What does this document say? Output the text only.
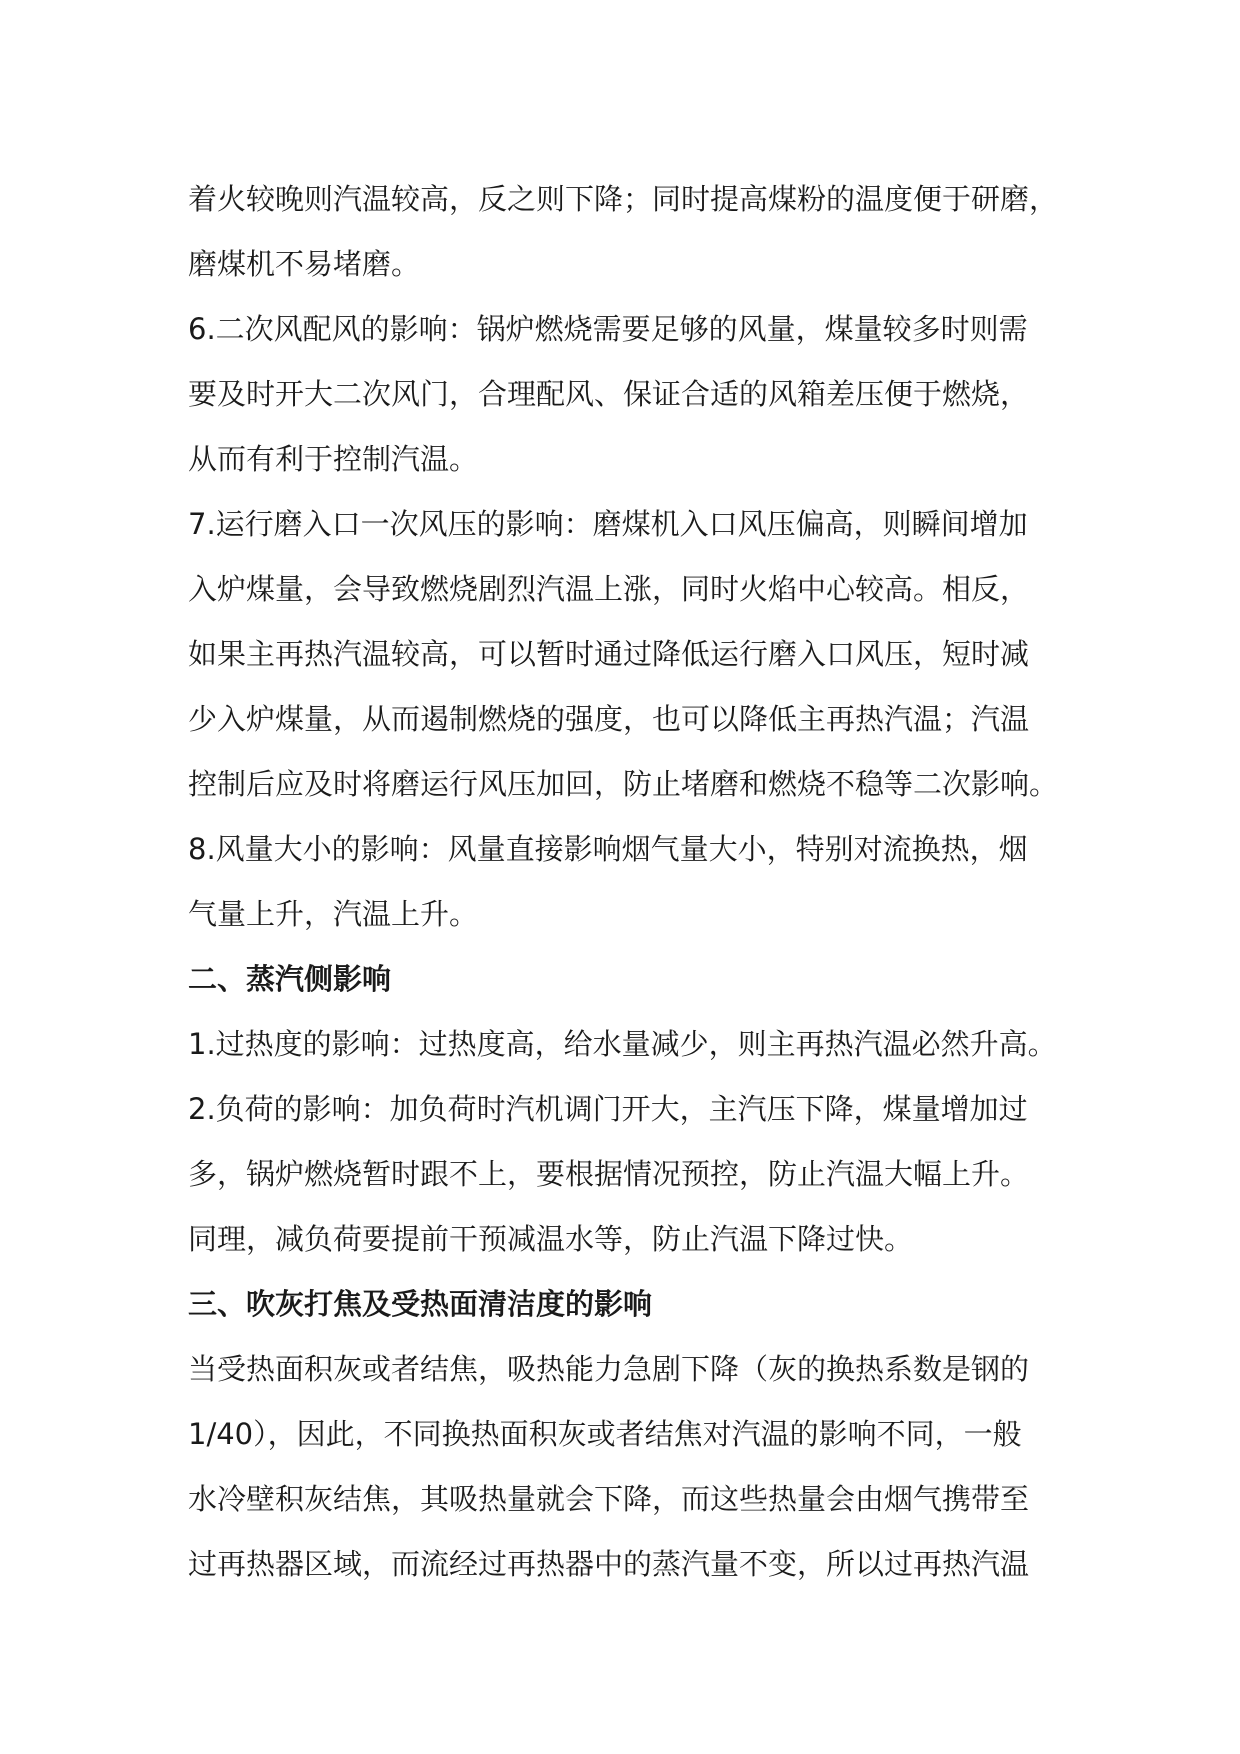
着火较晚则汽温较高，反之则下降；同时提高煤粉的温度便于研磨，
磨煤机不易堵磨。
6.二次风配风的影响：锅炉燃烧需要足够的风量，煤量较多时则需
要及时开大二次风门，合理配风、保证合适的风箱差压便于燃烧，
从而有利于控制汽温。
7.运行磨入口一次风压的影响：磨煤机入口风压偏高，则瞬间增加
入炉煤量，会导致燃烧剧烈汽温上涨，同时火焰中心较高。相反，
如果主再热汽温较高，可以暂时通过降低运行磨入口风压，短时减
少入炉煤量，从而遏制燃烧的强度，也可以降低主再热汽温；汽温
控制后应及时将磨运行风压加回，防止堵磨和燃烧不稳等二次影响。
8.风量大小的影响：风量直接影响烟气量大小，特别对流换热，烟
气量上升，汽温上升。
二、蒸汽侧影响
1.过热度的影响：过热度高，给水量减少，则主再热汽温必然升高。
2.负荷的影响：加负荷时汽机调门开大，主汽压下降，煤量增加过
多，锅炉燃烧暂时跟不上，要根据情况预控，防止汽温大幅上升。
同理，减负荷要提前干预减温水等，防止汽温下降过快。
三、吹灰打焦及受热面清洁度的影响
当受热面积灰或者结焦，吸热能力急剧下降（灰的换热系数是钢的
1/40），因此，不同换热面积灰或者结焦对汽温的影响不同，一般
水冷壁积灰结焦，其吸热量就会下降，而这些热量会由烟气携带至
过再热器区域，而流经过再热器中的蒸汽量不变，所以过再热汽温
